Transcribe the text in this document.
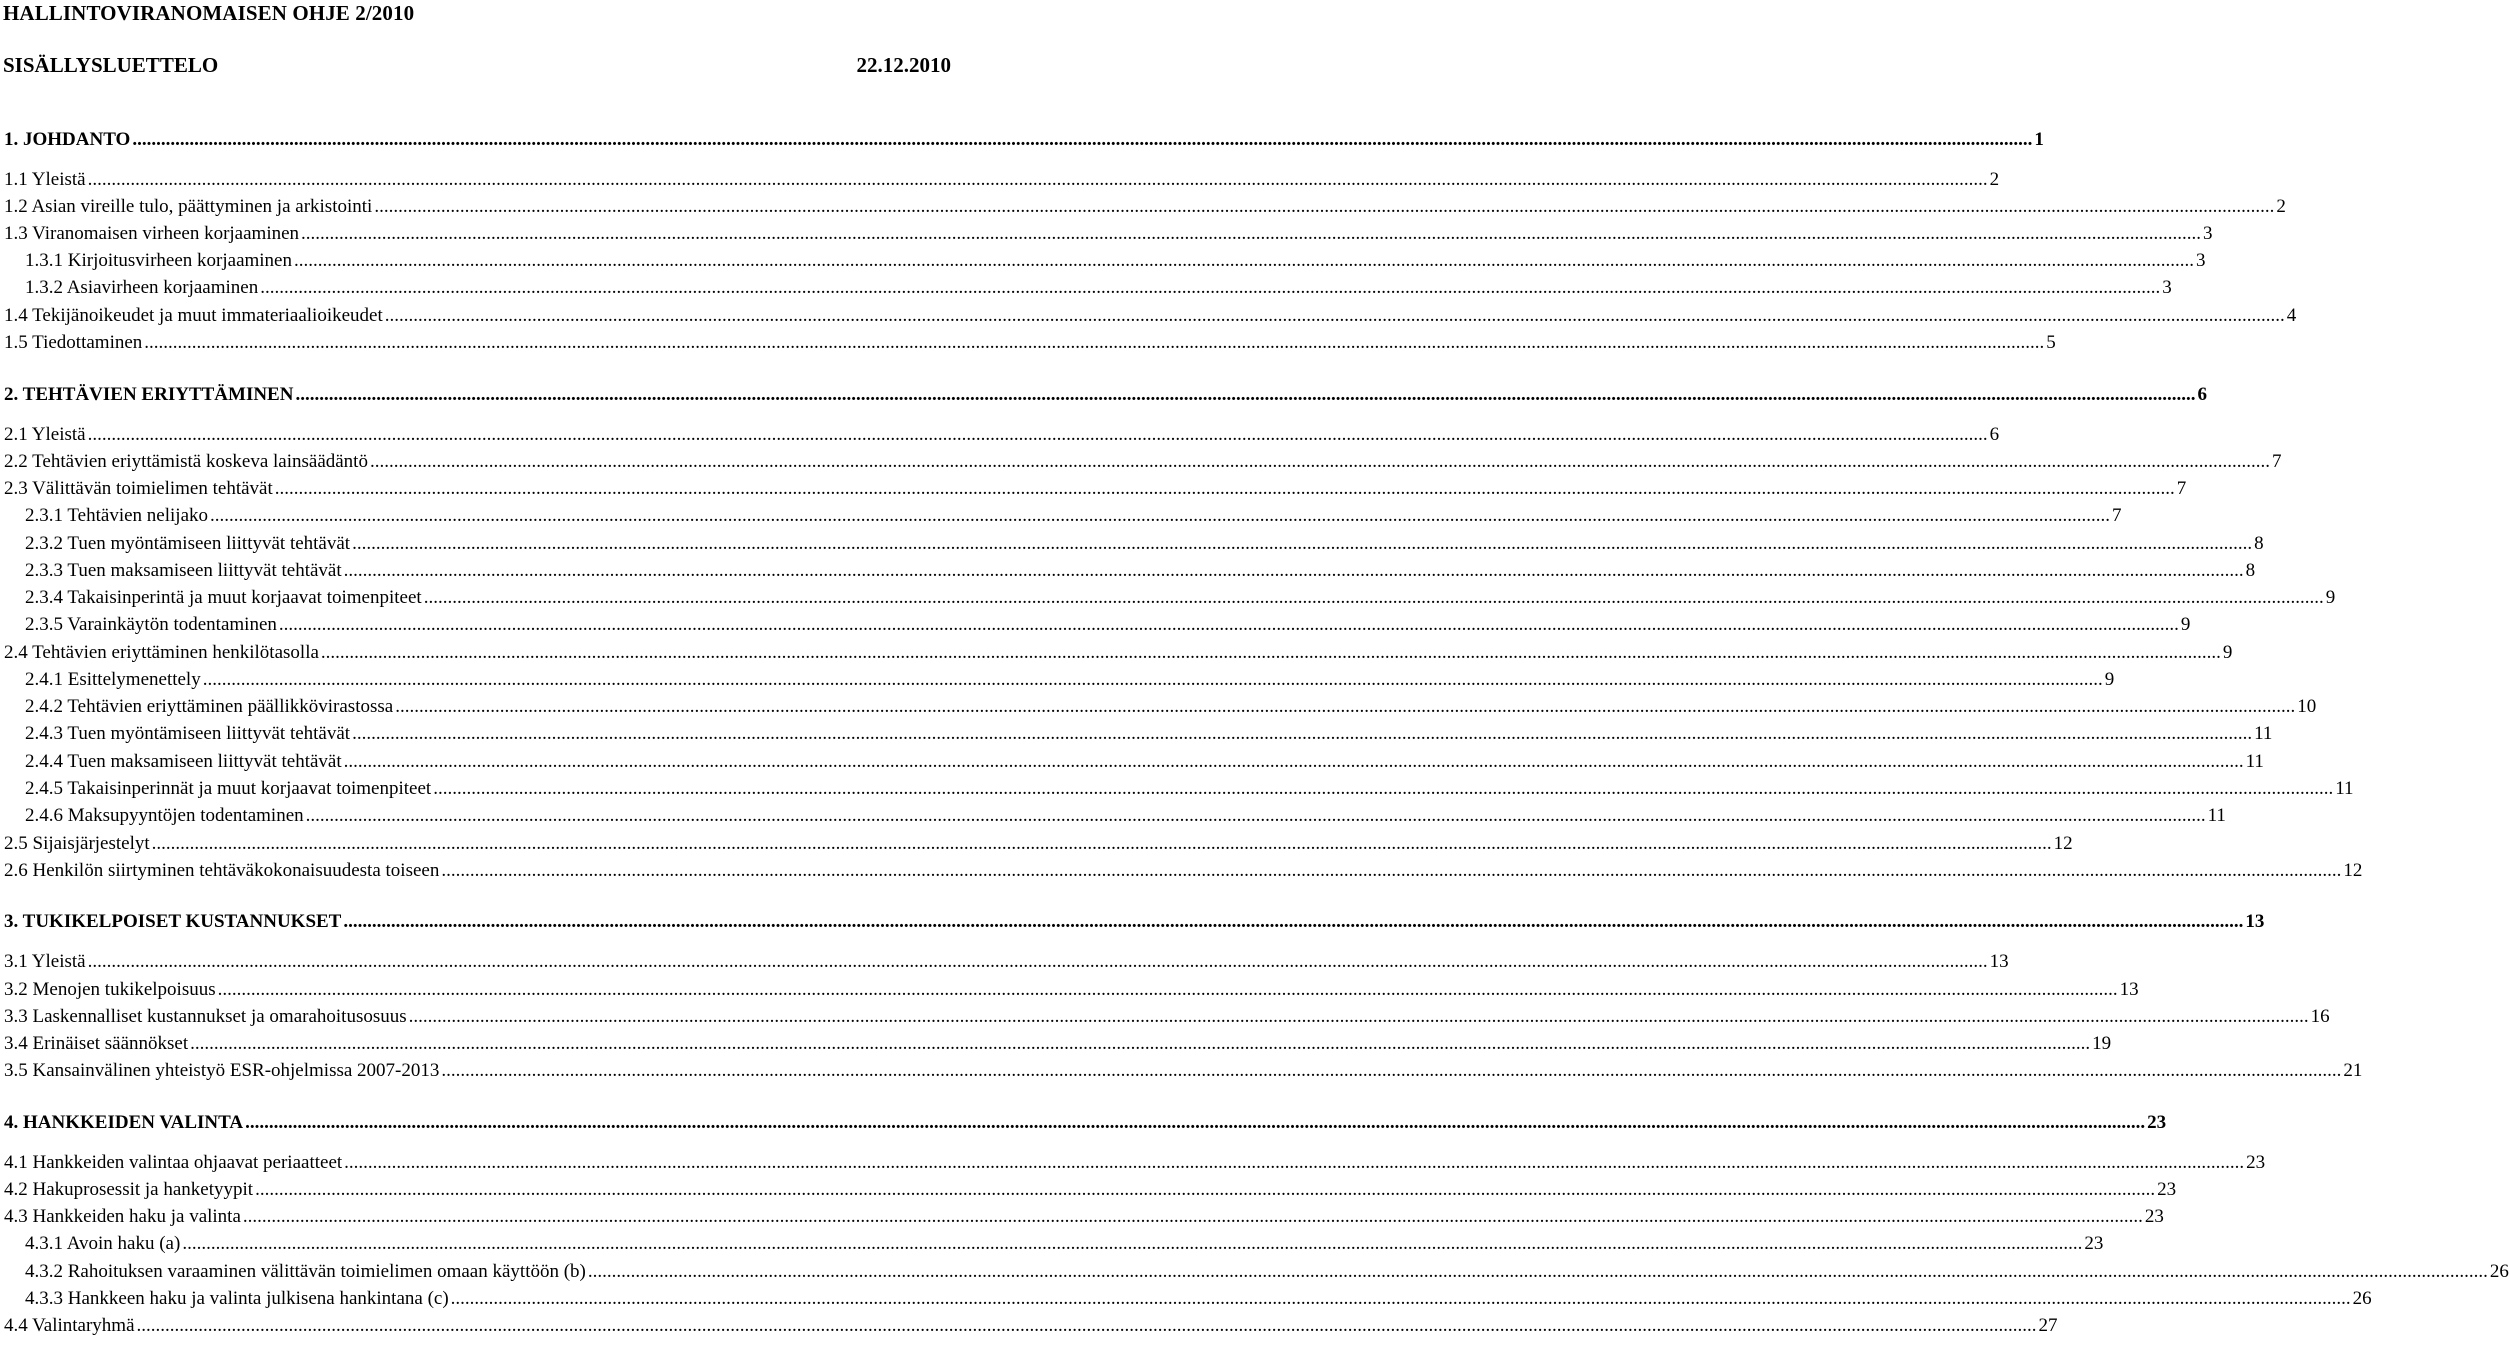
HALLINTOVIRANOMAISEN OHJE 2/2010
SISÄLLYSLUETTELO	22.12.2010
1. JOHDANTO ................................................................................................................................................................................................................................................................................................................................................................................................................ 1
1.1 Yleistä ................................................................................................................................................................................................................................................................................................................................................................................................................ 2
1.2 Asian vireille tulo, päättyminen ja arkistointi ................................................................................................................................................................................................................................................................................................................................................................................................................ 2
1.3 Viranomaisen virheen korjaaminen ................................................................................................................................................................................................................................................................................................................................................................................................................ 3
1.3.1 Kirjoitusvirheen korjaaminen ................................................................................................................................................................................................................................................................................................................................................................................................................ 3
1.3.2 Asiavirheen korjaaminen ................................................................................................................................................................................................................................................................................................................................................................................................................ 3
1.4 Tekijänoikeudet ja muut immateriaalioikeudet ................................................................................................................................................................................................................................................................................................................................................................................................................ 4
1.5 Tiedottaminen ................................................................................................................................................................................................................................................................................................................................................................................................................ 5
2. TEHTÄVIEN ERIYTTÄMINEN ................................................................................................................................................................................................................................................................................................................................................................................................................ 6
2.1 Yleistä ................................................................................................................................................................................................................................................................................................................................................................................................................ 6
2.2 Tehtävien eriyttämistä koskeva lainsäädäntö ................................................................................................................................................................................................................................................................................................................................................................................................................ 7
2.3 Välittävän toimielimen tehtävät ................................................................................................................................................................................................................................................................................................................................................................................................................ 7
2.3.1 Tehtävien nelijako ................................................................................................................................................................................................................................................................................................................................................................................................................ 7
2.3.2 Tuen myöntämiseen liittyvät tehtävät ................................................................................................................................................................................................................................................................................................................................................................................................................ 8
2.3.3 Tuen maksamiseen liittyvät tehtävät ................................................................................................................................................................................................................................................................................................................................................................................................................ 8
2.3.4 Takaisinperintä ja muut korjaavat toimenpiteet ................................................................................................................................................................................................................................................................................................................................................................................................................ 9
2.3.5 Varainkäytön todentaminen ................................................................................................................................................................................................................................................................................................................................................................................................................ 9
2.4 Tehtävien eriyttäminen henkilötasolla ................................................................................................................................................................................................................................................................................................................................................................................................................ 9
2.4.1 Esittelymenettely ................................................................................................................................................................................................................................................................................................................................................................................................................ 9
2.4.2 Tehtävien eriyttäminen päällikkövirastossa ................................................................................................................................................................................................................................................................................................................................................................................................................ 10
2.4.3 Tuen myöntämiseen liittyvät tehtävät ................................................................................................................................................................................................................................................................................................................................................................................................................ 11
2.4.4 Tuen maksamiseen liittyvät tehtävät ................................................................................................................................................................................................................................................................................................................................................................................................................ 11
2.4.5 Takaisinperinnät ja muut korjaavat toimenpiteet ................................................................................................................................................................................................................................................................................................................................................................................................................ 11
2.4.6 Maksupyyntöjen todentaminen ................................................................................................................................................................................................................................................................................................................................................................................................................ 11
2.5 Sijaisjärjestelyt ................................................................................................................................................................................................................................................................................................................................................................................................................ 12
2.6 Henkilön siirtyminen tehtäväkokonaisuudesta toiseen ................................................................................................................................................................................................................................................................................................................................................................................................................ 12
3. TUKIKELPOISET KUSTANNUKSET ................................................................................................................................................................................................................................................................................................................................................................................................................ 13
3.1 Yleistä ................................................................................................................................................................................................................................................................................................................................................................................................................ 13
3.2 Menojen tukikelpoisuus ................................................................................................................................................................................................................................................................................................................................................................................................................ 13
3.3 Laskennalliset kustannukset ja omarahoitusosuus ................................................................................................................................................................................................................................................................................................................................................................................................................ 16
3.4 Erinäiset säännökset ................................................................................................................................................................................................................................................................................................................................................................................................................ 19
3.5 Kansainvälinen yhteistyö ESR-ohjelmissa 2007-2013 ................................................................................................................................................................................................................................................................................................................................................................................................................ 21
4. HANKKEIDEN VALINTA ................................................................................................................................................................................................................................................................................................................................................................................................................ 23
4.1 Hankkeiden valintaa ohjaavat periaatteet ................................................................................................................................................................................................................................................................................................................................................................................................................ 23
4.2 Hakuprosessit ja hanketyypit ................................................................................................................................................................................................................................................................................................................................................................................................................ 23
4.3 Hankkeiden haku ja valinta ................................................................................................................................................................................................................................................................................................................................................................................................................ 23
4.3.1 Avoin haku (a) ................................................................................................................................................................................................................................................................................................................................................................................................................ 23
4.3.2 Rahoituksen varaaminen välittävän toimielimen omaan käyttöön (b) ................................................................................................................................................................................................................................................................................................................................................................................................................ 26
4.3.3 Hankkeen haku ja valinta julkisena hankintana (c) ................................................................................................................................................................................................................................................................................................................................................................................................................ 26
4.4 Valintaryhmä ................................................................................................................................................................................................................................................................................................................................................................................................................ 27
